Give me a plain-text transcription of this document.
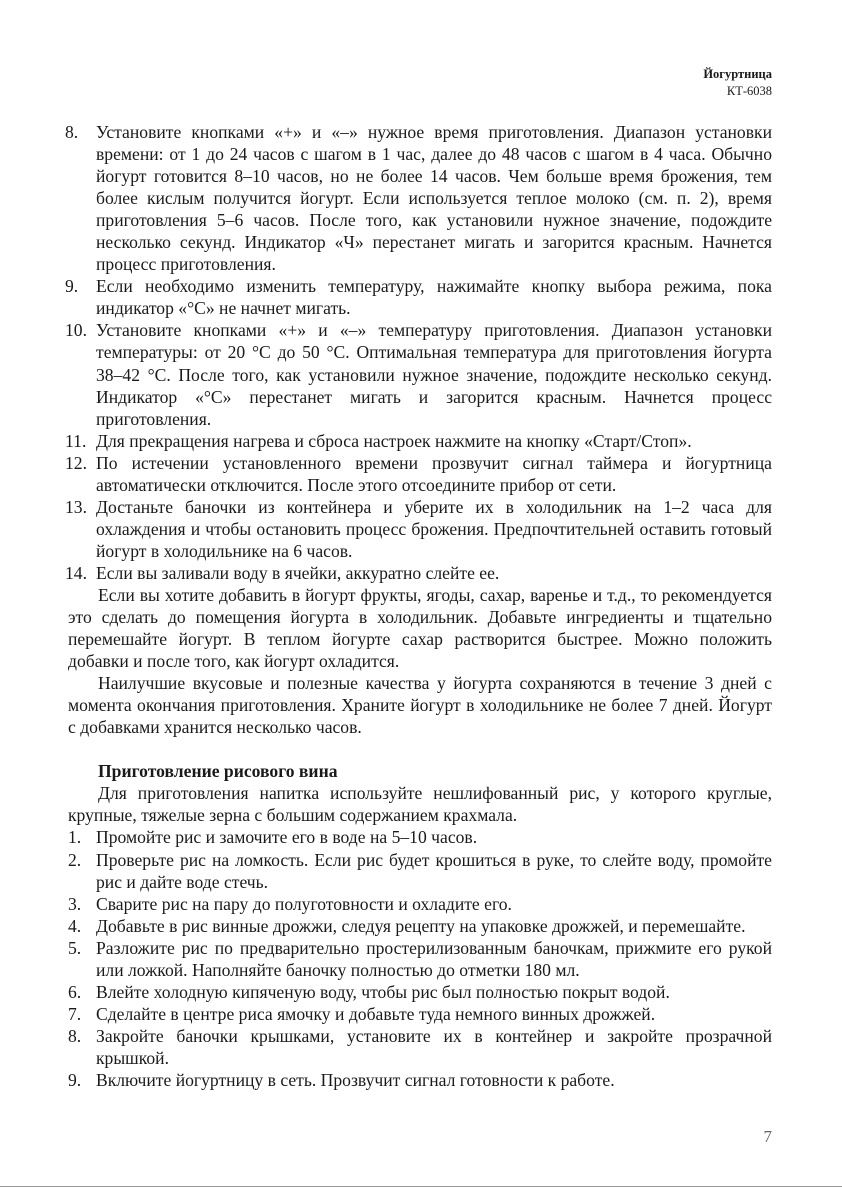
Йогуртница
КТ-6038
8. Установите кнопками «+» и «–» нужное время приготовления. Диапазон установки времени: от 1 до 24 часов с шагом в 1 час, далее до 48 часов с шагом в 4 часа. Обычно йогурт готовится 8–10 часов, но не более 14 часов. Чем больше время брожения, тем более кислым получится йогурт. Если используется теплое молоко (см. п. 2), время приготовления 5–6 часов. После того, как установили нужное значение, подождите несколько секунд. Индикатор «Ч» перестанет мигать и загорится красным. Начнется процесс приготовления.
9. Если необходимо изменить температуру, нажимайте кнопку выбора режима, пока индикатор «°C» не начнет мигать.
10. Установите кнопками «+» и «–» температуру приготовления. Диапазон установки температуры: от 20 °C до 50 °C. Оптимальная температура для приготовления йогурта 38–42 °C. После того, как установили нужное значение, подождите несколько секунд. Индикатор «°C» перестанет мигать и загорится красным. Начнется процесс приготовления.
11. Для прекращения нагрева и сброса настроек нажмите на кнопку «Старт/Стоп».
12. По истечении установленного времени прозвучит сигнал таймера и йогуртница автоматически отключится. После этого отсоедините прибор от сети.
13. Достаньте баночки из контейнера и уберите их в холодильник на 1–2 часа для охлаждения и чтобы остановить процесс брожения. Предпочтительней оставить готовый йогурт в холодильнике на 6 часов.
14. Если вы заливали воду в ячейки, аккуратно слейте ее.

Если вы хотите добавить в йогурт фрукты, ягоды, сахар, варенье и т.д., то рекомендуется это сделать до помещения йогурта в холодильник. Добавьте ингредиенты и тщательно перемешайте йогурт. В теплом йогурте сахар растворится быстрее. Можно положить добавки и после того, как йогурт охладится.

Наилучшие вкусовые и полезные качества у йогурта сохраняются в течение 3 дней с момента окончания приготовления. Храните йогурт в холодильнике не более 7 дней. Йогурт с добавками хранится несколько часов.

Приготовление рисового вина

Для приготовления напитка используйте нешлифованный рис, у которого круглые, крупные, тяжелые зерна с большим содержанием крахмала.

1. Промойте рис и замочите его в воде на 5–10 часов.
2. Проверьте рис на ломкость. Если рис будет крошиться в руке, то слейте воду, промойте рис и дайте воде стечь.
3. Сварите рис на пару до полуготовности и охладите его.
4. Добавьте в рис винные дрожжи, следуя рецепту на упаковке дрожжей, и перемешайте.
5. Разложите рис по предварительно простерилизованным баночкам, прижмите его рукой или ложкой. Наполняйте баночку полностью до отметки 180 мл.
6. Влейте холодную кипяченую воду, чтобы рис был полностью покрыт водой.
7. Сделайте в центре риса ямочку и добавьте туда немного винных дрожжей.
8. Закройте баночки крышками, установите их в контейнер и закройте прозрачной крышкой.
9. Включите йогуртницу в сеть. Прозвучит сигнал готовности к работе.
7
